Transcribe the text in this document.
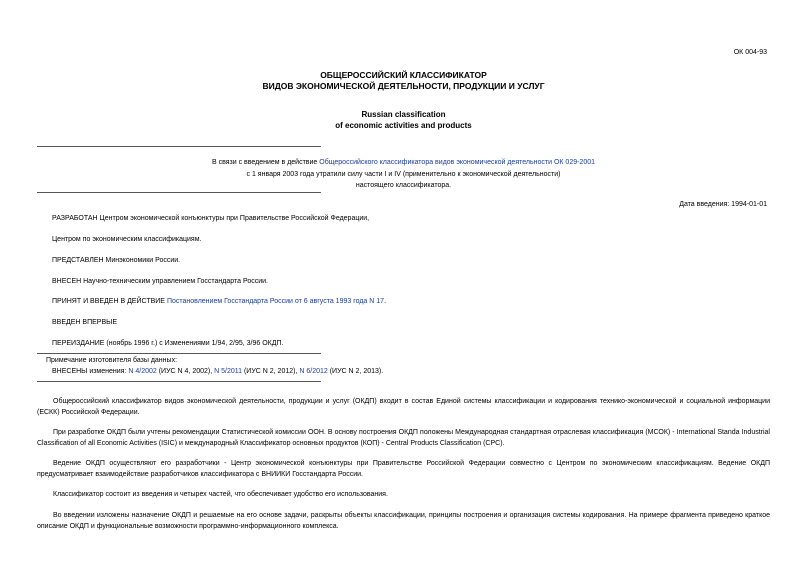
ОК 004-93
ОБЩЕРОССИЙСКИЙ КЛАССИФИКАТОР
ВИДОВ ЭКОНОМИЧЕСКОЙ ДЕЯТЕЛЬНОСТИ, ПРОДУКЦИИ И УСЛУГ
Russian classification
of economic activities and products
В связи с введением в действие Общероссийского классификатора видов экономической деятельности ОК 029-2001
с 1 января 2003 года утратили силу части I и IV (применительно к экономической деятельности)
настоящего классификатора.
Дата введения: 1994-01-01
РАЗРАБОТАН Центром экономической конъюнктуры при Правительстве Российской Федерации,
Центром по экономическим классификациям.
ПРЕДСТАВЛЕН Минэкономики России.
ВНЕСЕН Научно-техническим управлением Госстандарта России.
ПРИНЯТ И ВВЕДЕН В ДЕЙСТВИЕ Постановлением Госстандарта России от 6 августа 1993 года N 17.
ВВЕДЕН ВПЕРВЫЕ
ПЕРЕИЗДАНИЕ (ноябрь 1996 г.) с Изменениями 1/94, 2/95, 3/96 ОКДП.
Примечание изготовителя базы данных:
ВНЕСЕНЫ изменения: N 4/2002 (ИУС N 4, 2002), N 5/2011 (ИУС N 2, 2012), N 6/2012 (ИУС N 2, 2013).
Общероссийский классификатор видов экономической деятельности, продукции и услуг (ОКДП) входит в состав Единой системы классификации и кодирования технико-экономической и социальной информации (ЕСКК) Российской Федерации.
При разработке ОКДП были учтены рекомендации Статистической комиссии ООН. В основу построения ОКДП положены Международная стандартная отраслевая классификация (МСОК) - International Standa Industrial Classification of all Economic Activities (ISIC) и международный Классификатор основных продуктов (КОП) - Central Products Classification (CPC).
Ведение ОКДП осуществляют его разработчики - Центр экономической конъюнктуры при Правительстве Российской Федерации совместно с Центром по экономическим классификациям. Ведение ОКДП предусматривает взаимодействие разработчиков классификатора с ВНИИКИ Госстандарта России.
Классификатор состоит из введения и четырех частей, что обеспечивает удобство его использования.
Во введении изложены назначение ОКДП и решаемые на его основе задачи, раскрыты объекты классификации, принципы построения и организация системы кодирования. На примере фрагмента приведено краткое описание ОКДП и функциональные возможности программно-информационного комплекса.
